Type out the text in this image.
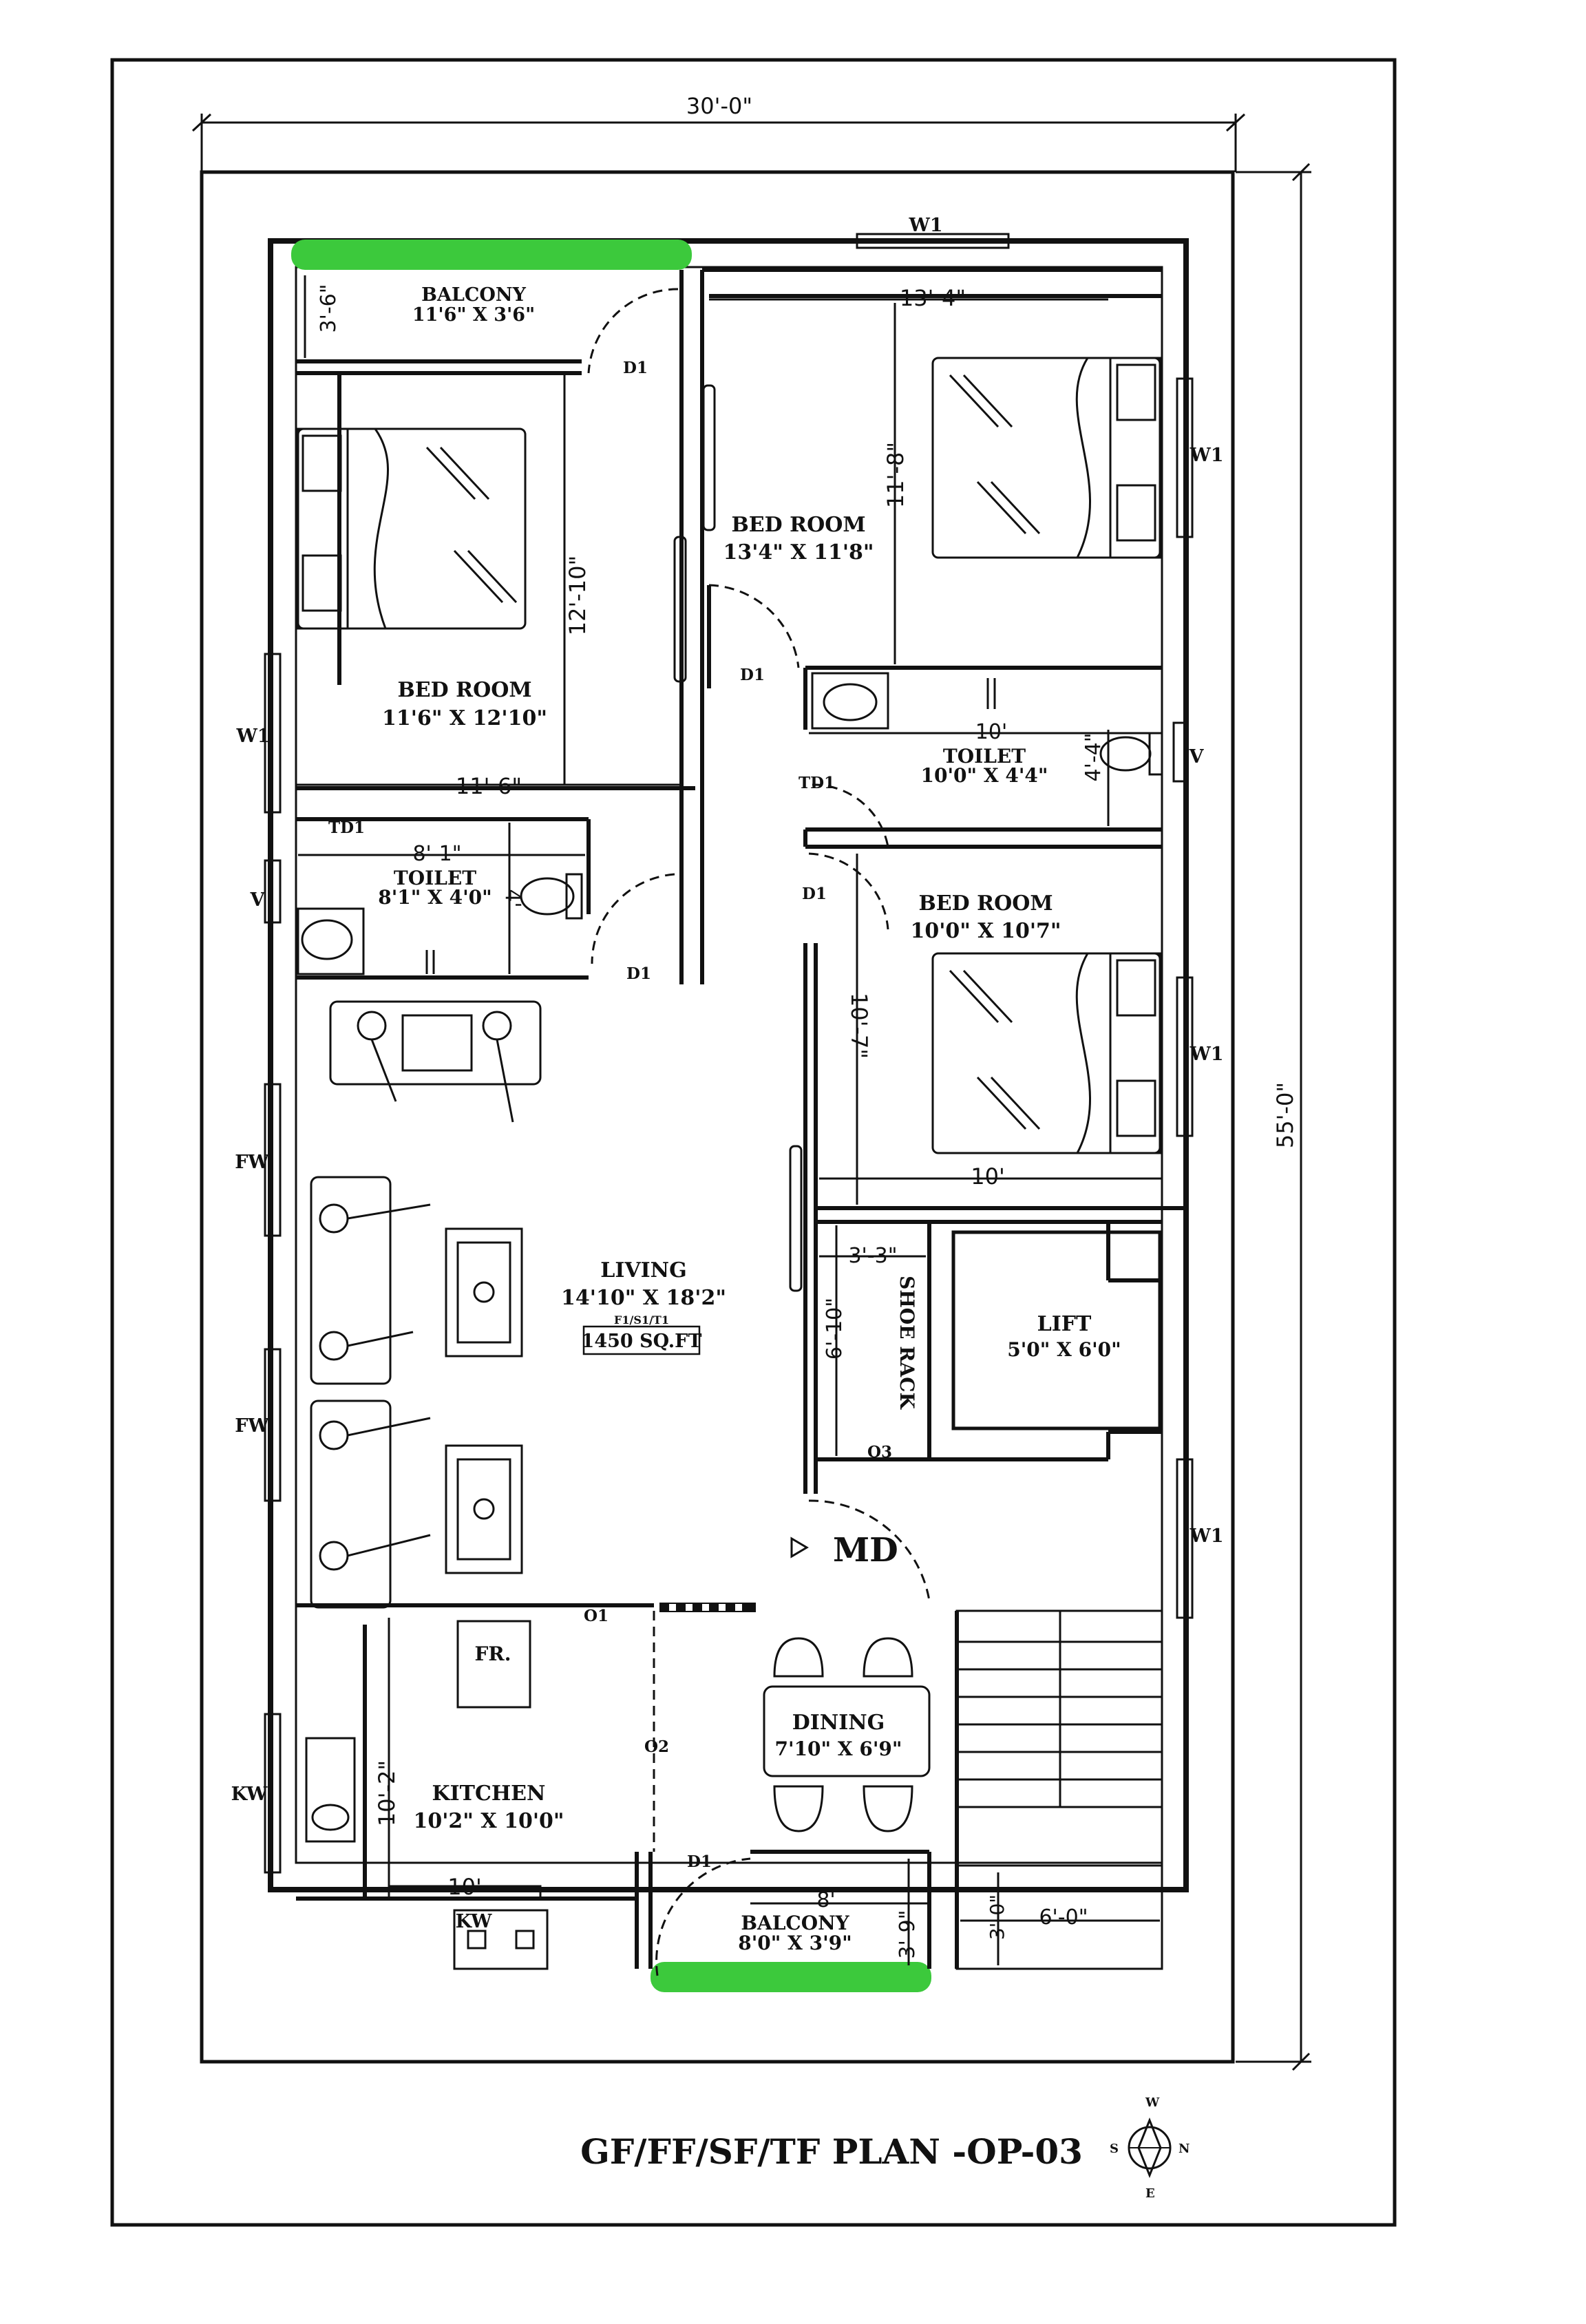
30'-0"
55'-0"
BALCONY
11'6" X 3'6"
3'-6"
BED ROOM
11'6" X 12'10"
12'-10"
11'-6"
8'-1"
TOILET
8'1" X 4'0" 4'
13'-4"
BED ROOM
13'4" X 11'8"
11'-8"
10'
TOILET
10'0" X 4'4" 4'-4"
BED ROOM
10'0" X 10'7"
10'-7"
10'
LIVING
14'10" X 18'2"
F1/S1/T1
1450 SQ.FT
3'-3"
6'-10"	SHOE RACK	LIFT
5'0" X 6'0"
FR.
KITCHEN
10'2" X 10'0"
10'-2"
10'
DINING
7'10" X 6'9"
8'
BALCONY
8'0" X 3'9" 3'-9"	3'-0" 6'-0"
D1
D1
D1
D1
D1
TD1
TD1
O1
O2
O3
MD
W1
W1
V
W1
W1
W1
V
FW
FW
KW
KW
GF/FF/SF/TF PLAN -OP-03
W
N
S
E
